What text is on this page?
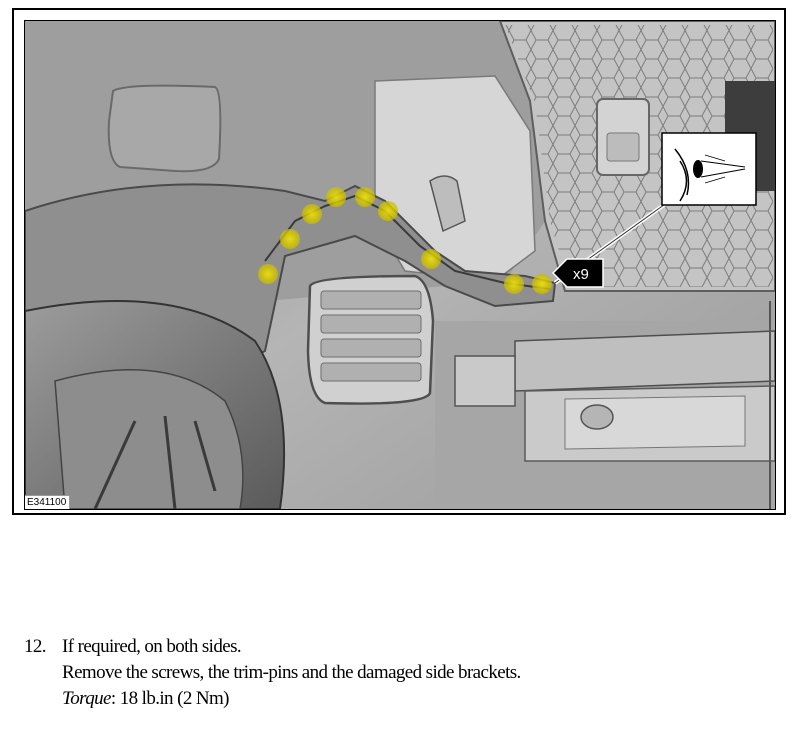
x9
E341100
12. If required, on both sides.
Remove the screws, the trim-pins and the damaged side brackets.
Torque: 18 lb.in (2 Nm)
